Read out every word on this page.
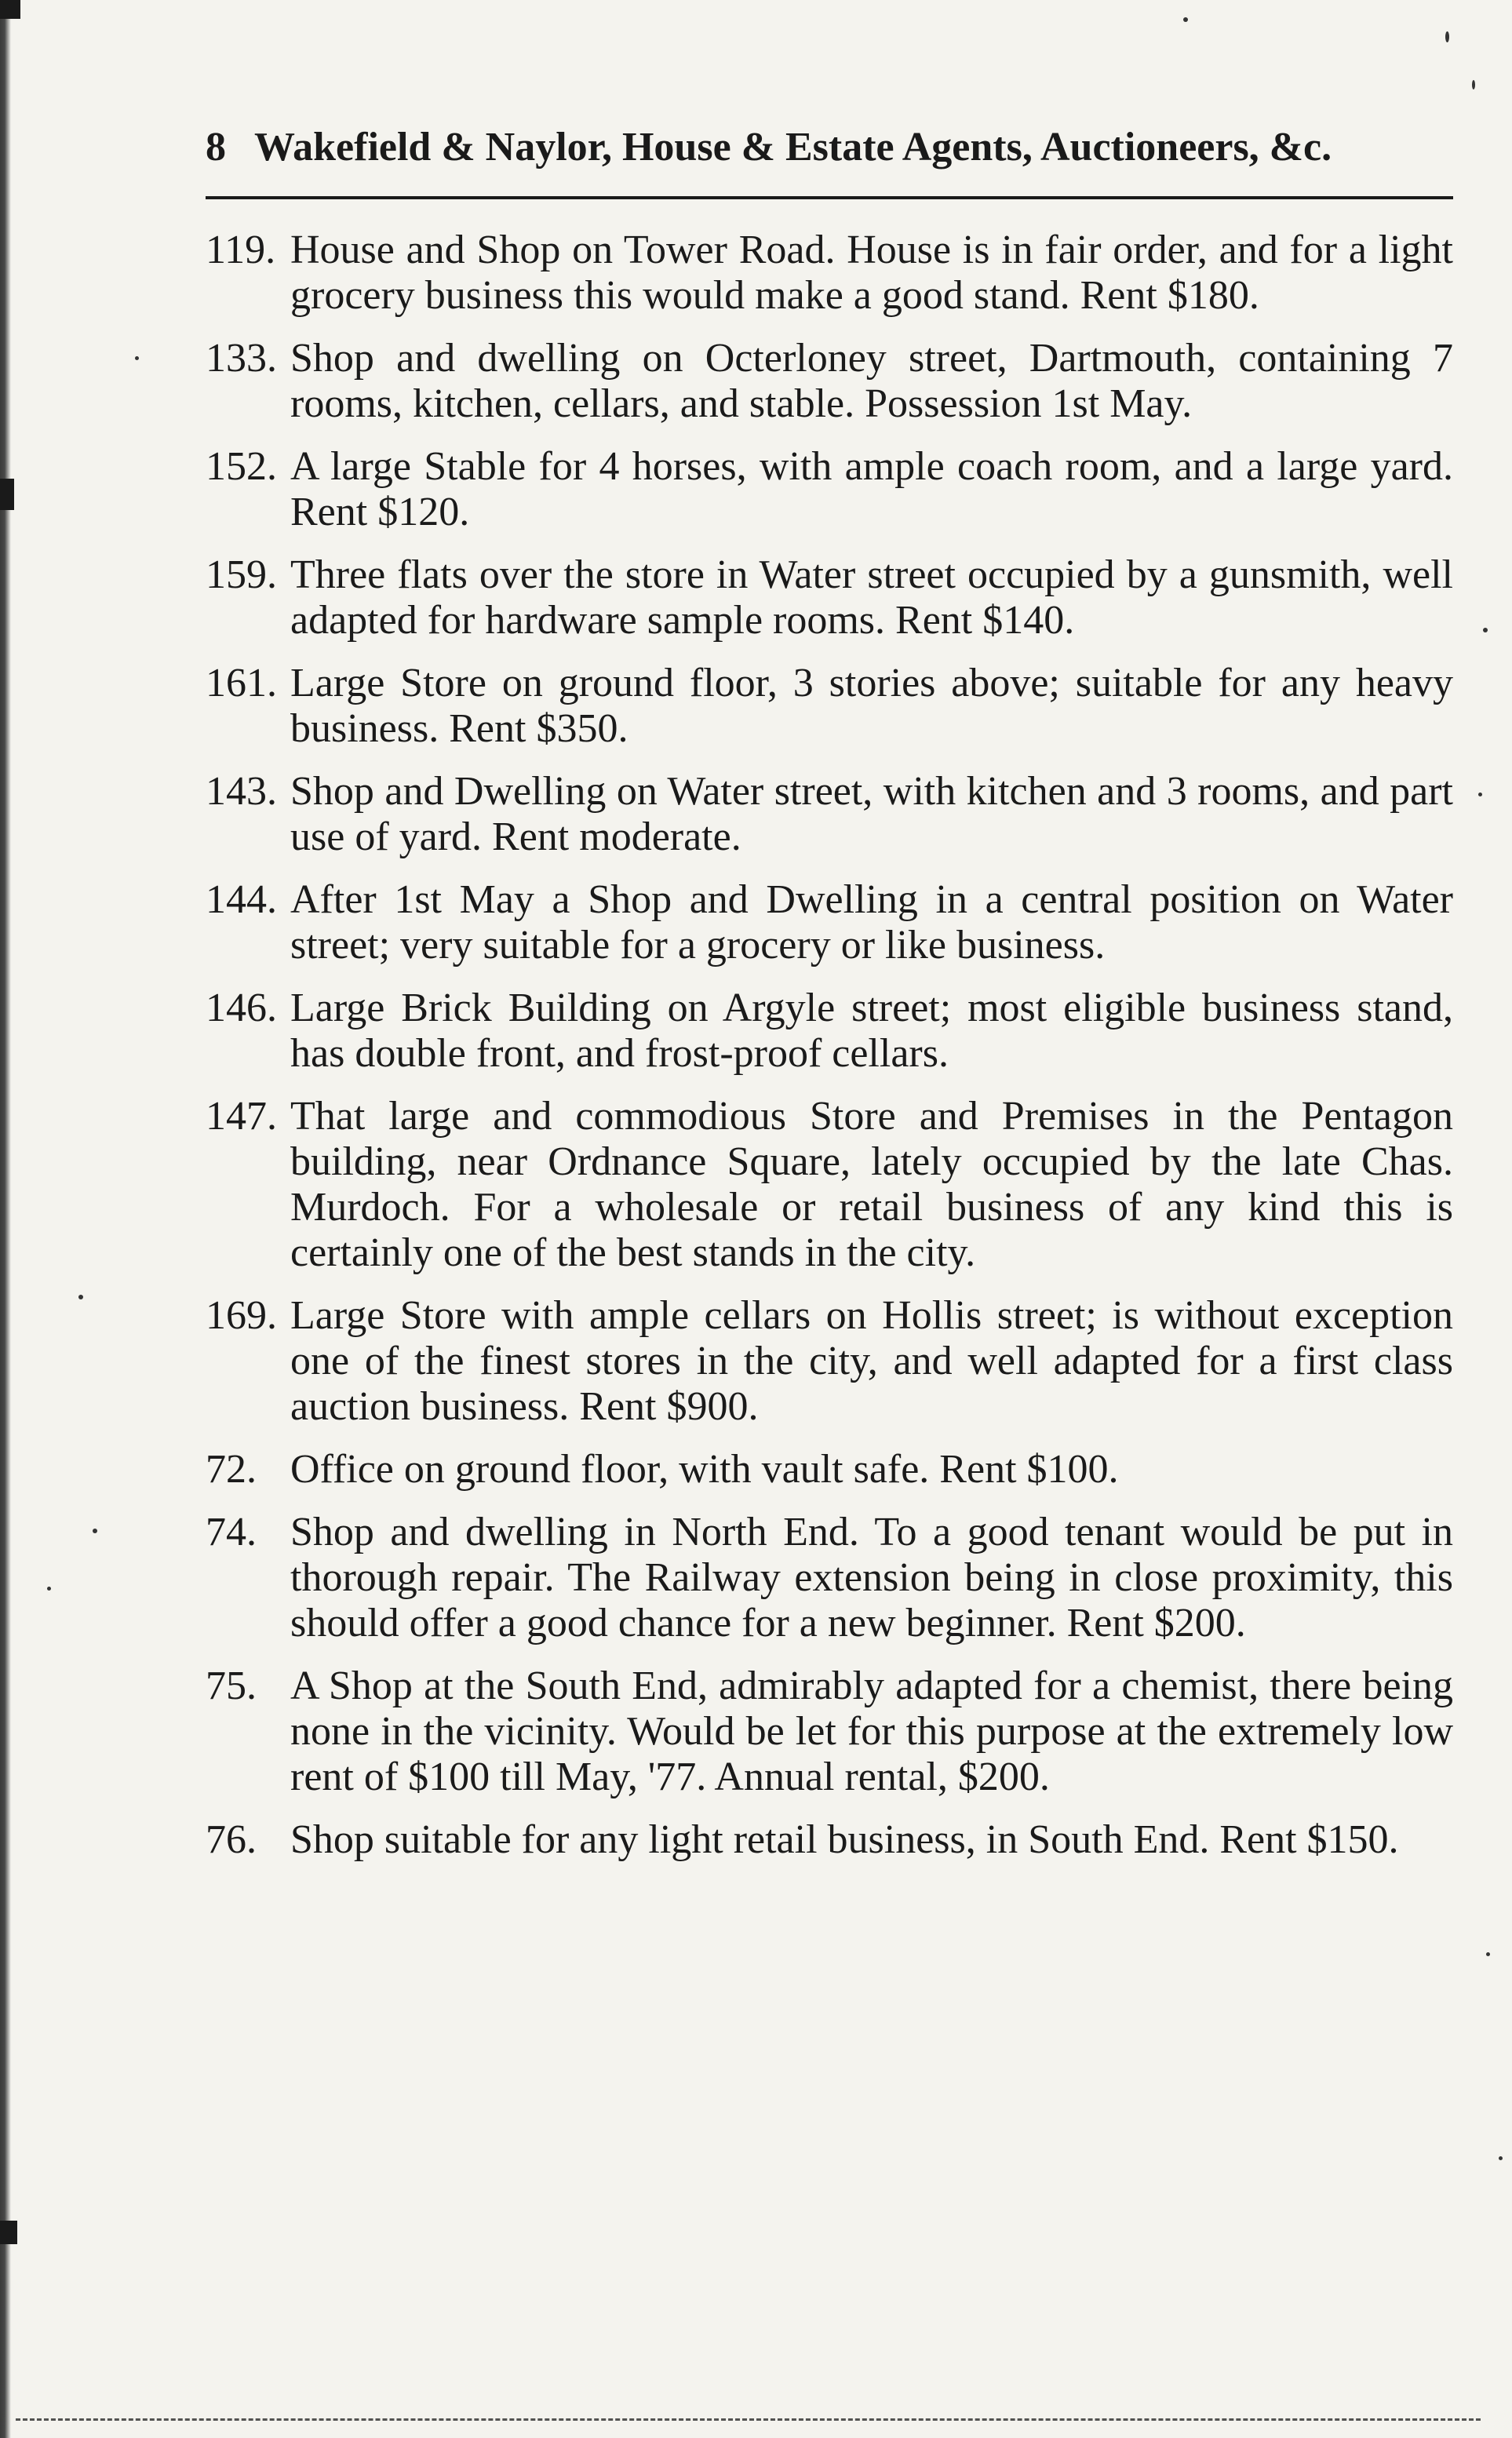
8 Wakefield & Naylor, House & Estate Agents, Auctioneers, &c.
119. House and Shop on Tower Road. House is in fair order, and for a light grocery business this would make a good stand. Rent $180.
133. Shop and dwelling on Octerloney street, Dartmouth, containing 7 rooms, kitchen, cellars, and stable. Possession 1st May.
152. A large Stable for 4 horses, with ample coach room, and a large yard. Rent $120.
159. Three flats over the store in Water street occupied by a gunsmith, well adapted for hardware sample rooms. Rent $140.
161. Large Store on ground floor, 3 stories above; suitable for any heavy business. Rent $350.
143. Shop and Dwelling on Water street, with kitchen and 3 rooms, and part use of yard. Rent moderate.
144. After 1st May a Shop and Dwelling in a central position on Water street; very suitable for a grocery or like business.
146. Large Brick Building on Argyle street; most eligible business stand, has double front, and frost-proof cellars.
147. That large and commodious Store and Premises in the Pentagon building, near Ordnance Square, lately occupied by the late Chas. Murdoch. For a wholesale or retail business of any kind this is certainly one of the best stands in the city.
169. Large Store with ample cellars on Hollis street; is without exception one of the finest stores in the city, and well adapted for a first class auction business. Rent $900.
72. Office on ground floor, with vault safe. Rent $100.
74. Shop and dwelling in North End. To a good tenant would be put in thorough repair. The Railway extension being in close proximity, this should offer a good chance for a new beginner. Rent $200.
75. A Shop at the South End, admirably adapted for a chemist, there being none in the vicinity. Would be let for this purpose at the extremely low rent of $100 till May, '77. Annual rental, $200.
76. Shop suitable for any light retail business, in South End. Rent $150.
